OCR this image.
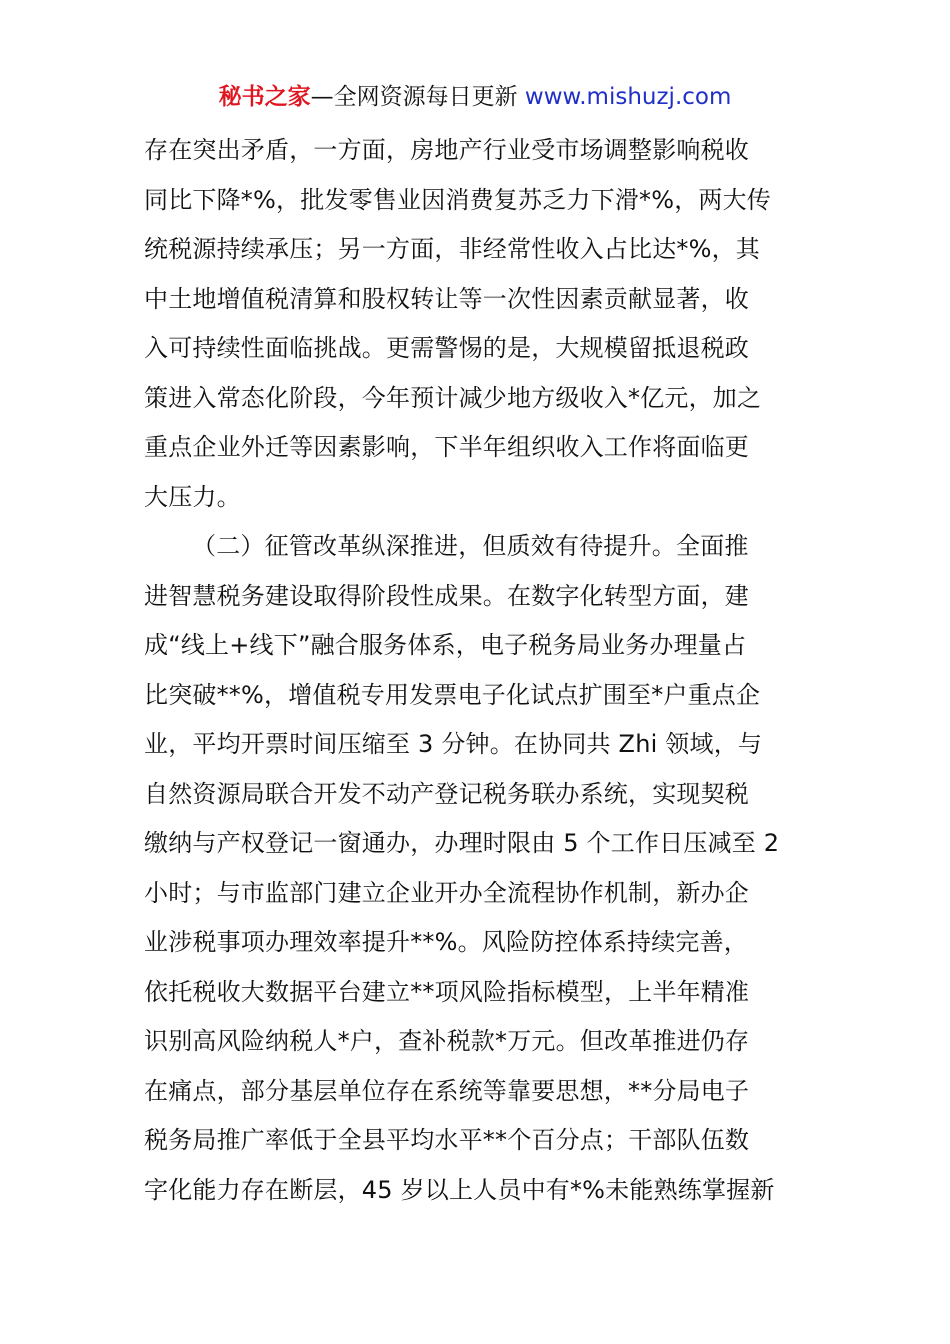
秘书之家—全网资源每日更新 www.mishuzj.com
存在突出矛盾，一方面，房地产行业受市场调整影响税收
同比下降*%，批发零售业因消费复苏乏力下滑*%，两大传
统税源持续承压；另一方面，非经常性收入占比达*%，其
中土地增值税清算和股权转让等一次性因素贡献显著，收
入可持续性面临挑战。更需警惕的是，大规模留抵退税政
策进入常态化阶段，今年预计减少地方级收入*亿元，加之
重点企业外迁等因素影响，下半年组织收入工作将面临更
大压力。
（二）征管改革纵深推进，但质效有待提升。全面推
进智慧税务建设取得阶段性成果。在数字化转型方面，建
成“线上+线下”融合服务体系，电子税务局业务办理量占
比突破**%，增值税专用发票电子化试点扩围至*户重点企
业，平均开票时间压缩至 3 分钟。在协同共 Zhi 领域，与
自然资源局联合开发不动产登记税务联办系统，实现契税
缴纳与产权登记一窗通办，办理时限由 5 个工作日压减至 2
小时；与市监部门建立企业开办全流程协作机制，新办企
业涉税事项办理效率提升**%。风险防控体系持续完善，
依托税收大数据平台建立**项风险指标模型，上半年精准
识别高风险纳税人*户，查补税款*万元。但改革推进仍存
在痛点，部分基层单位存在系统等靠要思想，**分局电子
税务局推广率低于全县平均水平**个百分点；干部队伍数
字化能力存在断层，45 岁以上人员中有*%未能熟练掌握新
